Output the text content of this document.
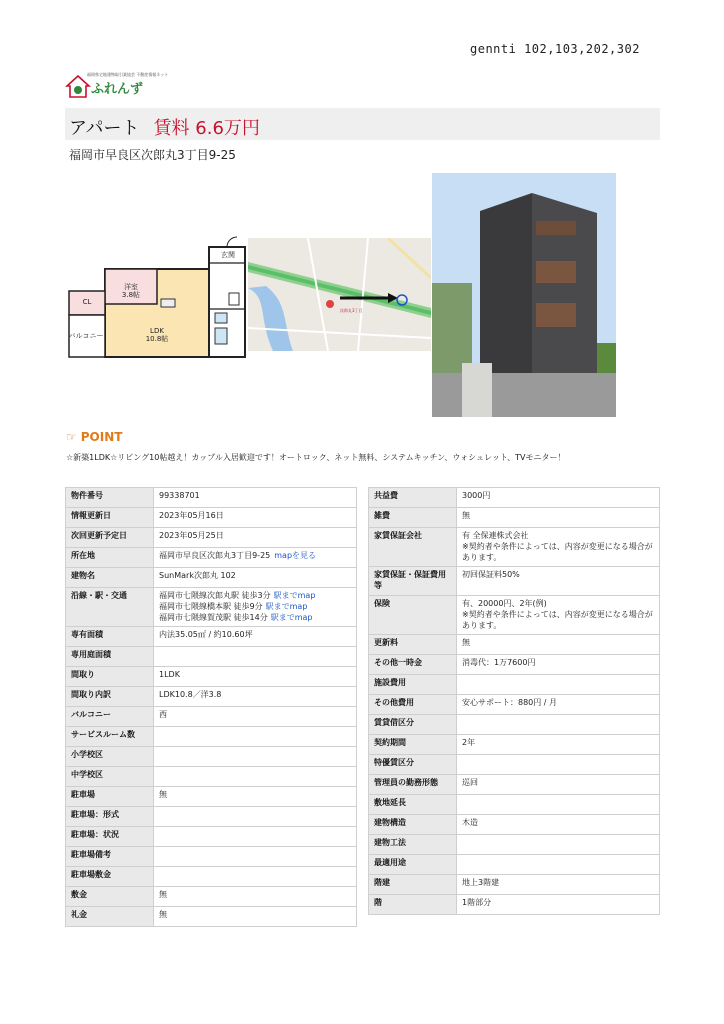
gennti 102,103,202,302
福岡県宅地建物取引業協会 不動産情報ネット
ふれんず
アパート 賃料 6.6万円
福岡市早良区次郎丸3丁目9-25
玄関
洋室
3.8帖
CL
LDK
10.8帖
バルコニー
次郎丸3丁目
☞ POINT
☆新築1LDK☆リビング10帖越え！カップル入居歓迎です！オートロック、ネット無料、システムキッチン、ウォシュレット、TVモニター！
物件番号	99338701
情報更新日	2023年05月16日
次回更新予定日	2023年05月25日
所在地	福岡市早良区次郎丸3丁目9-25 mapを見る
建物名	SunMark次郎丸 102
沿線・駅・交通	福岡市七隈線次郎丸駅 徒歩3分 駅までmap
福岡市七隈線橋本駅 徒歩9分 駅までmap
福岡市七隈線賀茂駅 徒歩14分 駅までmap

専有面積	内法35.05㎡ / 約10.60坪
専用庭面積	
間取り	1LDK
間取り内訳	LDK10.8／洋3.8
バルコニー	西
サービスルーム数	
小学校区	
中学校区	
駐車場	無
駐車場：形式	
駐車場：状況	
駐車場備考	
駐車場敷金	
敷金	無
礼金	無
共益費	3000円
雑費	無
家賃保証会社	有 全保連株式会社
※契約者や条件によっては、内容が変更になる場合があります。
家賃保証・保証費用等	初回保証料50%
保険	有、20000円、2年(例)
※契約者や条件によっては、内容が変更になる場合があります。
更新料	無
その他一時金	消毒代：1万7600円
施設費用	
その他費用	安心サポート：880円 / 月
賃貸借区分	
契約期間	2年
特優賃区分	
管理員の勤務形態	巡回
敷地延長	
建物構造	木造
建物工法	
最適用途	
階建	地上3階建
階	1階部分
